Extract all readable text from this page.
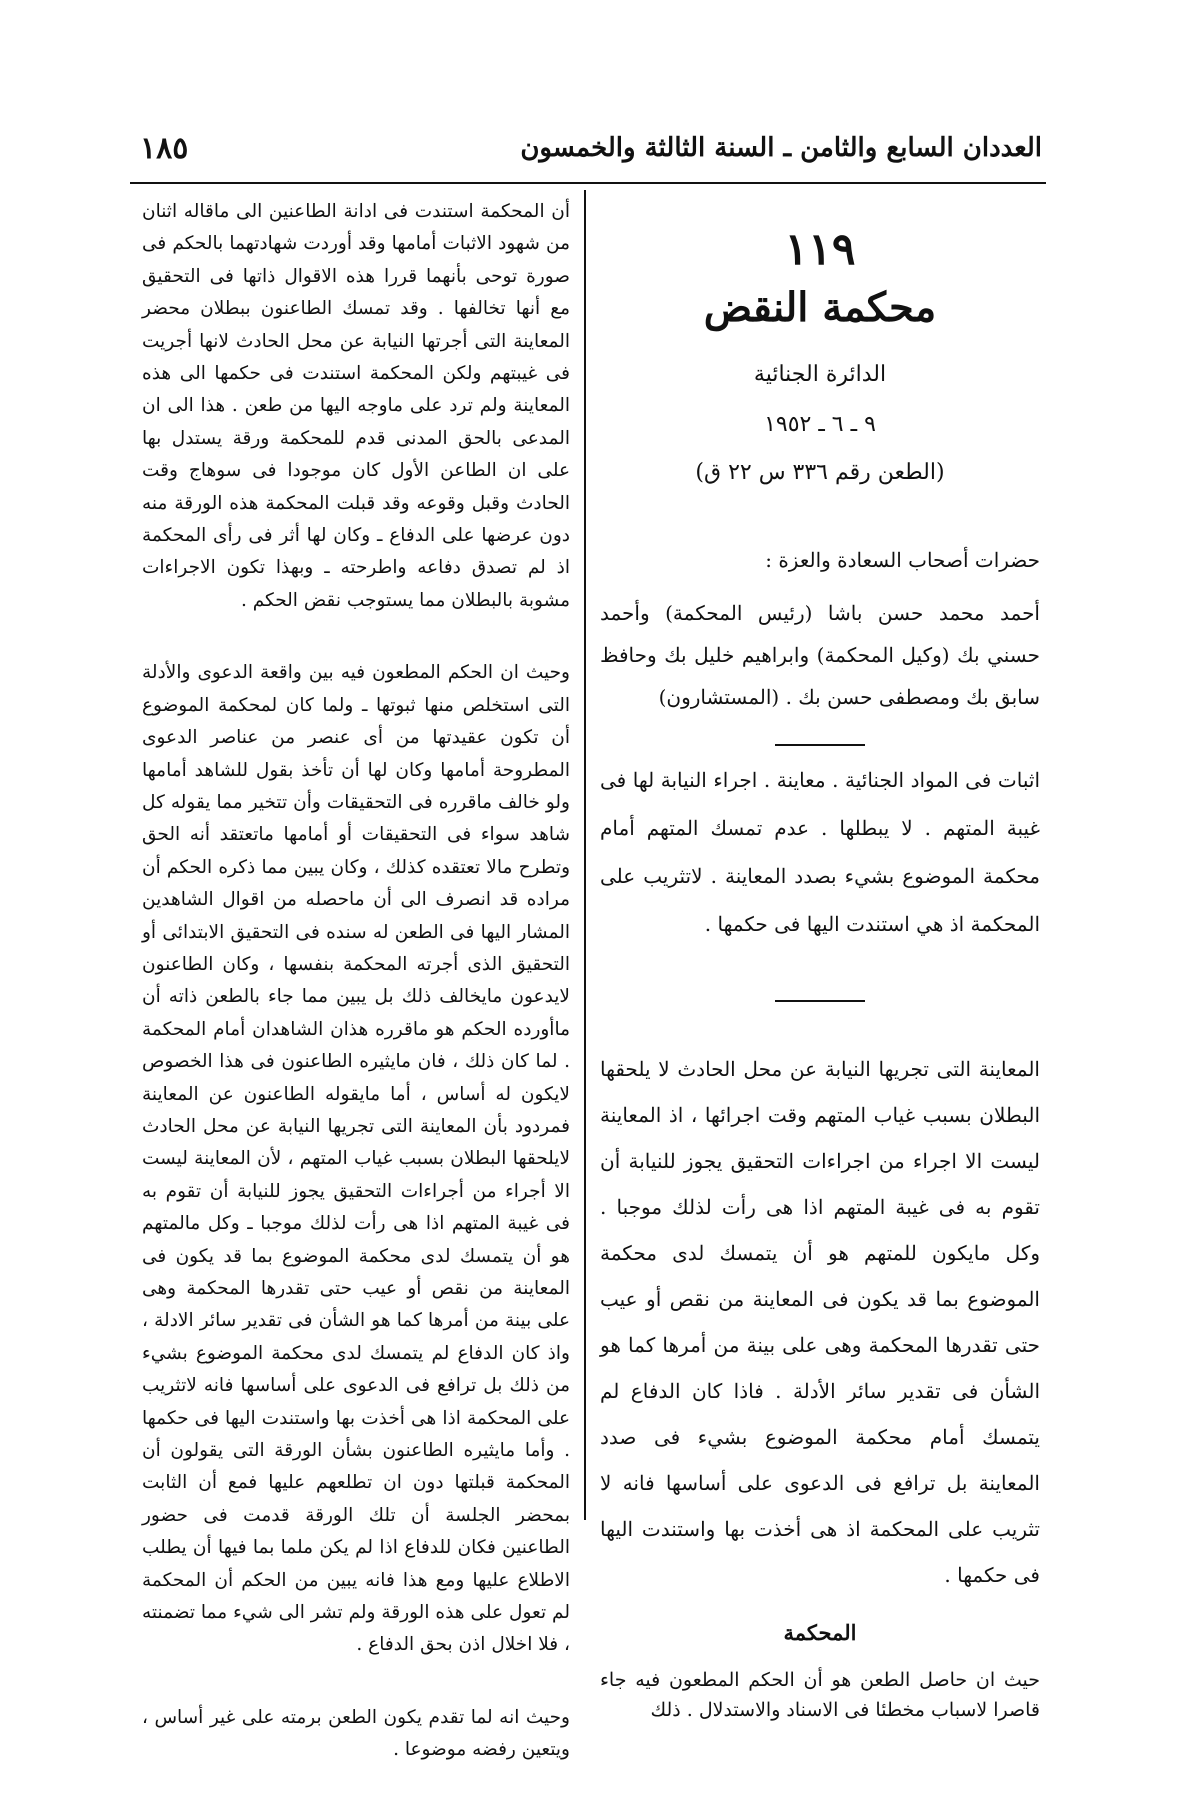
العددان السابع والثامن ـ السنة الثالثة والخمسون
١٨٥
١١٩
محكمة النقض
الدائرة الجنائية
٩ ـ ٦ ـ ١٩٥٢
(الطعن رقم ٣٣٦ س ٢٢ ق)
حضرات أصحاب السعادة والعزة :
أحمد محمد حسن باشا (رئيس المحكمة) وأحمد حسني بك (وكيل المحكمة) وابراهيم خليل بك وحافظ سابق بك ومصطفى حسن بك . (المستشارون)
اثبات فى المواد الجنائية . معاينة . اجراء النيابة لها فى غيبة المتهم . لا يبطلها . عدم تمسك المتهم أمام محكمة الموضوع بشيء بصدد المعاينة . لاتثريب على المحكمة اذ هي استندت اليها فى حكمها .
المعاينة التى تجريها النيابة عن محل الحادث لا يلحقها البطلان بسبب غياب المتهم وقت اجرائها ، اذ المعاينة ليست الا اجراء من اجراءات التحقيق يجوز للنيابة أن تقوم به فى غيبة المتهم اذا هى رأت لذلك موجبا . وكل مايكون للمتهم هو أن يتمسك لدى محكمة الموضوع بما قد يكون فى المعاينة من نقص أو عيب حتى تقدرها المحكمة وهى على بينة من أمرها كما هو الشأن فى تقدير سائر الأدلة . فاذا كان الدفاع لم يتمسك أمام محكمة الموضوع بشيء فى صدد المعاينة بل ترافع فى الدعوى على أساسها فانه لا تثريب على المحكمة اذ هى أخذت بها واستندت اليها فى حكمها .
المحكمة
حيث ان حاصل الطعن هو أن الحكم المطعون فيه جاء قاصرا لاسباب مخطئا فى الاسناد والاستدلال . ذلك

أن المحكمة استندت فى ادانة الطاعنين الى ماقاله اثنان من شهود الاثبات أمامها وقد أوردت شهادتهما بالحكم فى صورة توحى بأنهما قررا هذه الاقوال ذاتها فى التحقيق مع أنها تخالفها . وقد تمسك الطاعنون ببطلان محضر المعاينة التى أجرتها النيابة عن محل الحادث لانها أجريت فى غيبتهم ولكن المحكمة استندت فى حكمها الى هذه المعاينة ولم ترد على ماوجه اليها من طعن . هذا الى ان المدعى بالحق المدنى قدم للمحكمة ورقة يستدل بها على ان الطاعن الأول كان موجودا فى سوهاج وقت الحادث وقبل وقوعه وقد قبلت المحكمة هذه الورقة منه دون عرضها على الدفاع ـ وكان لها أثر فى رأى المحكمة اذ لم تصدق دفاعه واطرحته ـ وبهذا تكون الاجراءات مشوبة بالبطلان مما يستوجب نقض الحكم .

وحيث ان الحكم المطعون فيه بين واقعة الدعوى والأدلة التى استخلص منها ثبوتها ـ ولما كان لمحكمة الموضوع أن تكون عقيدتها من أى عنصر من عناصر الدعوى المطروحة أمامها وكان لها أن تأخذ بقول للشاهد أمامها ولو خالف ماقرره فى التحقيقات وأن تتخير مما يقوله كل شاهد سواء فى التحقيقات أو أمامها ماتعتقد أنه الحق وتطرح مالا تعتقده كذلك ، وكان يبين مما ذكره الحكم أن مراده قد انصرف الى أن ماحصله من اقوال الشاهدين المشار اليها فى الطعن له سنده فى التحقيق الابتدائى أو التحقيق الذى أجرته المحكمة بنفسها ، وكان الطاعنون لايدعون مايخالف ذلك بل يبين مما جاء بالطعن ذاته أن ماأورده الحكم هو ماقرره هذان الشاهدان أمام المحكمة . لما كان ذلك ، فان مايثيره الطاعنون فى هذا الخصوص لايكون له أساس ، أما مايقوله الطاعنون عن المعاينة فمردود بأن المعاينة التى تجريها النيابة عن محل الحادث لايلحقها البطلان بسبب غياب المتهم ، لأن المعاينة ليست الا أجراء من أجراءات التحقيق يجوز للنيابة أن تقوم به فى غيبة المتهم اذا هى رأت لذلك موجبا ـ وكل مالمتهم هو أن يتمسك لدى محكمة الموضوع بما قد يكون فى المعاينة من نقص أو عيب حتى تقدرها المحكمة وهى على بينة من أمرها كما هو الشأن فى تقدير سائر الادلة ، واذ كان الدفاع لم يتمسك لدى محكمة الموضوع بشيء من ذلك بل ترافع فى الدعوى على أساسها فانه لاتثريب على المحكمة اذا هى أخذت بها واستندت اليها فى حكمها . وأما مايثيره الطاعنون بشأن الورقة التى يقولون أن المحكمة قبلتها دون ان تطلعهم عليها فمع أن الثابت بمحضر الجلسة أن تلك الورقة قدمت فى حضور الطاعنين فكان للدفاع اذا لم يكن ملما بما فيها أن يطلب الاطلاع عليها ومع هذا فانه يبين من الحكم أن المحكمة لم تعول على هذه الورقة ولم تشر الى شيء مما تضمنته ، فلا اخلال اذن بحق الدفاع .

وحيث انه لما تقدم يكون الطعن برمته على غير أساس ، ويتعين رفضه موضوعا .
